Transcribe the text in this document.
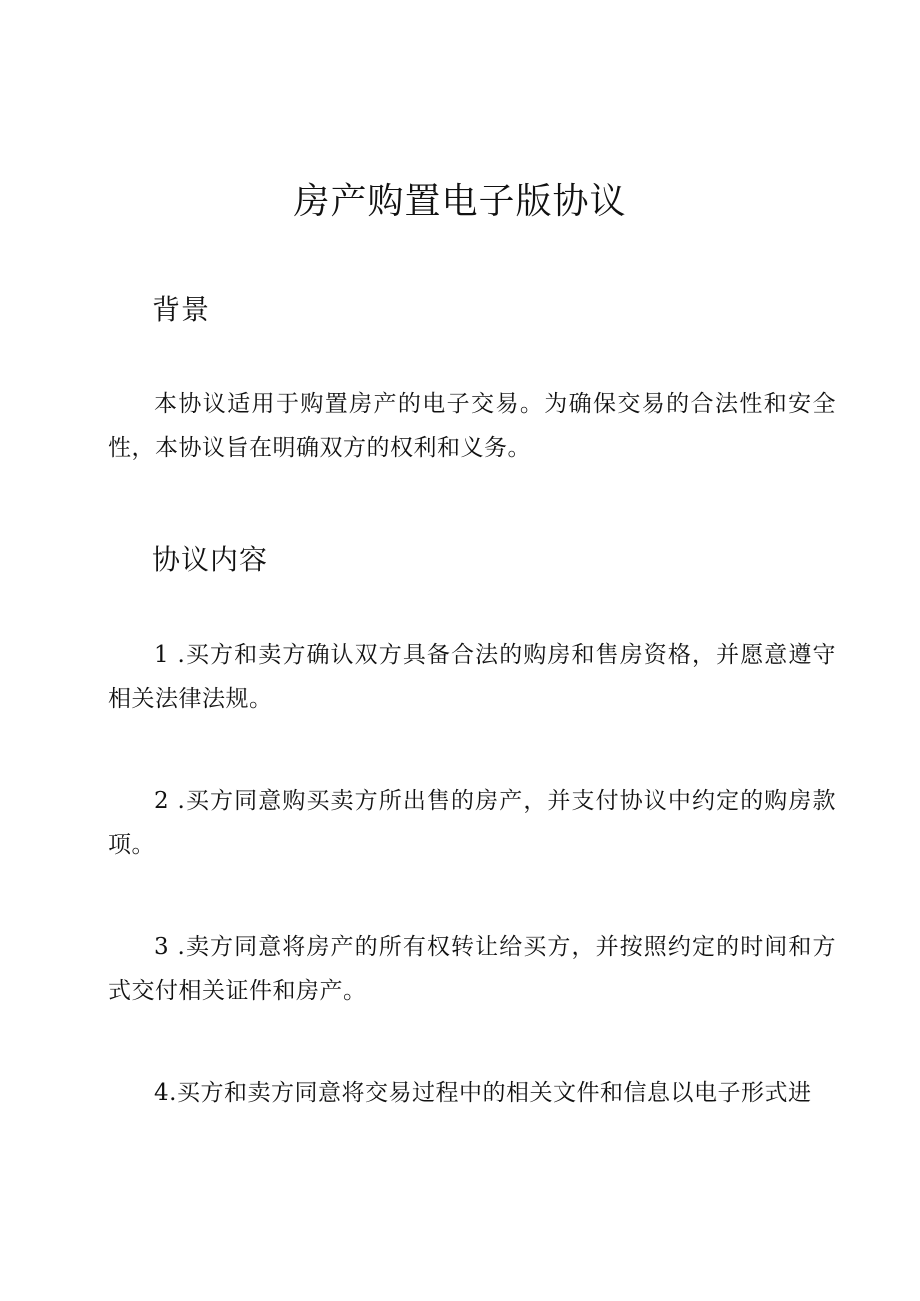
房产购置电子版协议
背景

本协议适用于购置房产的电子交易。为确保交易的合法性和安全性，本协议旨在明确双方的权利和义务。

协议内容

1 .买方和卖方确认双方具备合法的购房和售房资格，并愿意遵守相关法律法规。

2 .买方同意购买卖方所出售的房产，并支付协议中约定的购房款项。

3 .卖方同意将房产的所有权转让给买方，并按照约定的时间和方式交付相关证件和房产。

4.买方和卖方同意将交易过程中的相关文件和信息以电子形式进
